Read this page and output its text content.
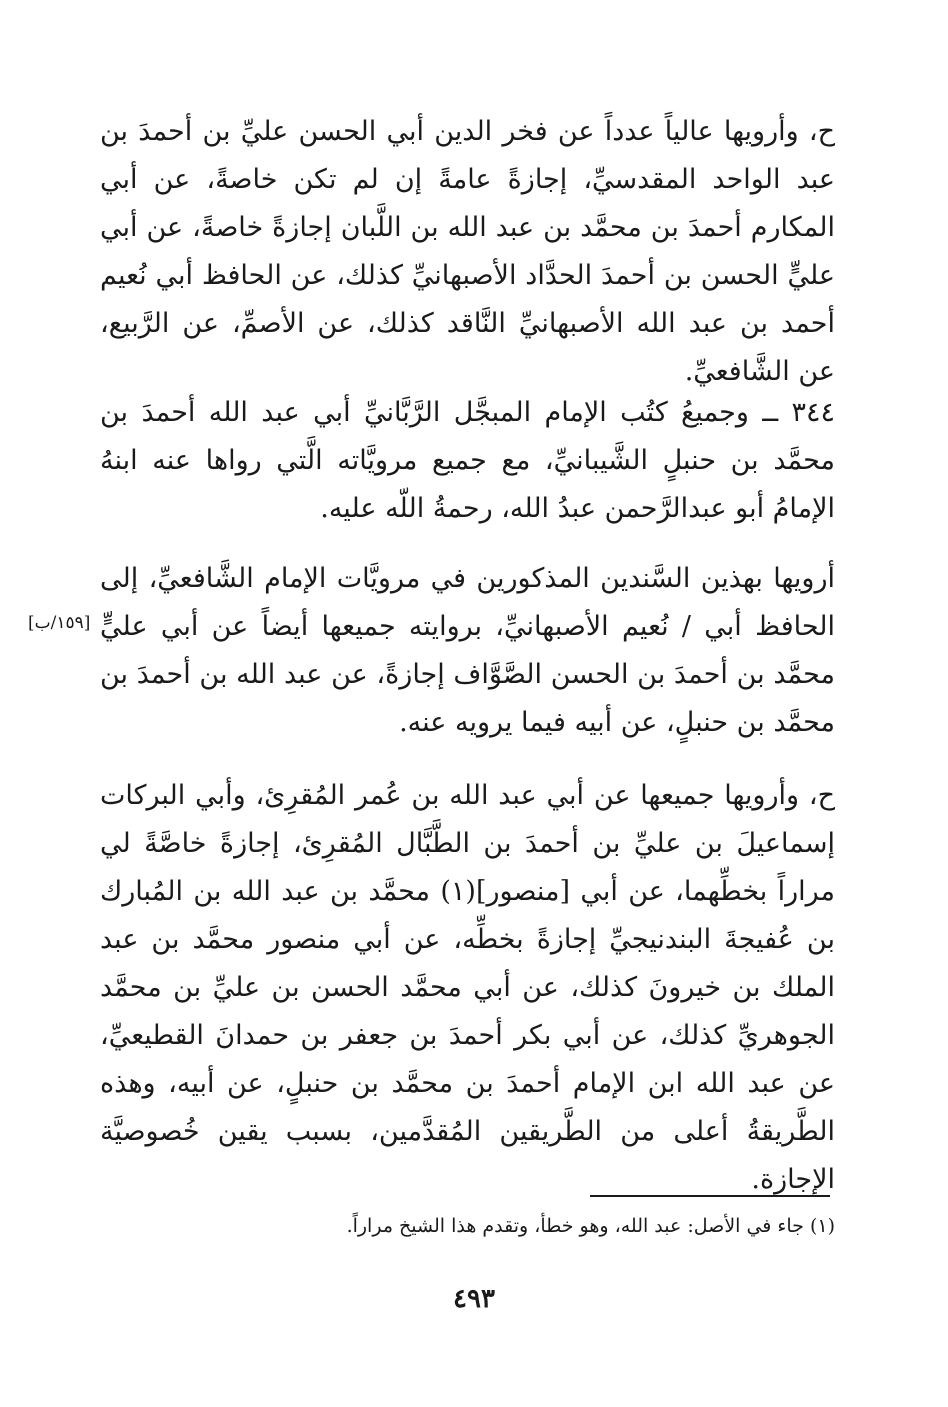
ح، وأرويها عالياً عدداً عن فخر الدين أبي الحسن عليِّ بن أحمدَ بن عبد الواحد المقدسيِّ، إجازةً عامةً إن لم تكن خاصةً، عن أبي المكارم أحمدَ بن محمَّد بن عبد الله بن اللَّبان إجازةً خاصةً، عن أبي عليٍّ الحسن بن أحمدَ الحدَّاد الأصبهانيِّ كذلك، عن الحافظ أبي نُعيم أحمد بن عبد الله الأصبهانيِّ النَّاقد كذلك، عن الأصمِّ، عن الرَّبيع، عن الشَّافعيِّ.

٣٤٤ ــ وجميعُ كتُب الإمام المبجَّل الرَّبَّانيِّ أبي عبد الله أحمدَ بن محمَّد بن حنبلٍ الشَّيبانيِّ، مع جميع مرويَّاته الَّتي رواها عنه ابنهُ الإمامُ أبو عبدالرَّحمن عبدُ الله، رحمةُ اللّه عليه.

أرويها بهذين السَّندين المذكورين في مرويَّات الإمام الشَّافعيِّ، إلى الحافظ أبي / نُعيم الأصبهانيِّ، بروايته جميعها أيضاً عن أبي عليٍّ محمَّد بن أحمدَ بن الحسن الصَّوَّاف إجازةً، عن عبد الله بن أحمدَ بن محمَّد بن حنبلٍ، عن أبيه فيما يرويه عنه.

[١٥٩/ب]

ح، وأرويها جميعها عن أبي عبد الله بن عُمر المُقرِئ، وأبي البركات إسماعيلَ بن عليِّ بن أحمدَ بن الطَّبَّال المُقرِئ، إجازةً خاصَّةً لي مراراً بخطِّهما، عن أبي [منصور](١) محمَّد بن عبد الله بن المُبارك بن عُفيجةَ البندنيجيِّ إجازةً بخطِّه، عن أبي منصور محمَّد بن عبد الملك بن خيرونَ كذلك، عن أبي محمَّد الحسن بن عليِّ بن محمَّد الجوهريِّ كذلك، عن أبي بكر أحمدَ بن جعفر بن حمدانَ القطيعيِّ، عن عبد الله ابن الإمام أحمدَ بن محمَّد بن حنبلٍ، عن أبيه، وهذه الطَّريقةُ أعلى من الطَّريقين المُقدَّمين، بسبب يقين خُصوصيَّة الإجازة.

(١) جاء في الأصل: عبد الله، وهو خطأ، وتقدم هذا الشيخ مراراً.
٤٩٣
